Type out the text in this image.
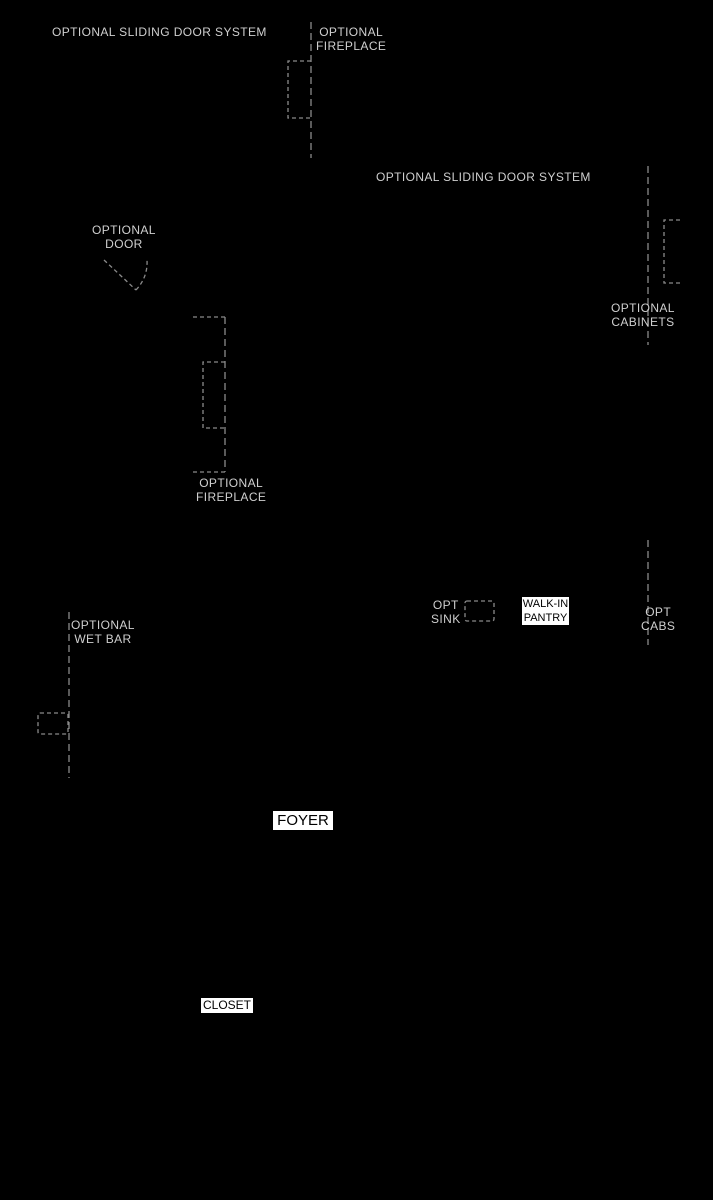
OPTIONAL SLIDING DOOR SYSTEM	OPTIONAL
FIREPLACE
OPTIONAL SLIDING DOOR SYSTEM
OPTIONAL
DOOR
OPTIONAL
CABINETS
OPTIONAL
FIREPLACE
OPT
SINK
WALK-IN
PANTRY	OPT
CABS
OPTIONAL
WET BAR
FOYER
CLOSET
